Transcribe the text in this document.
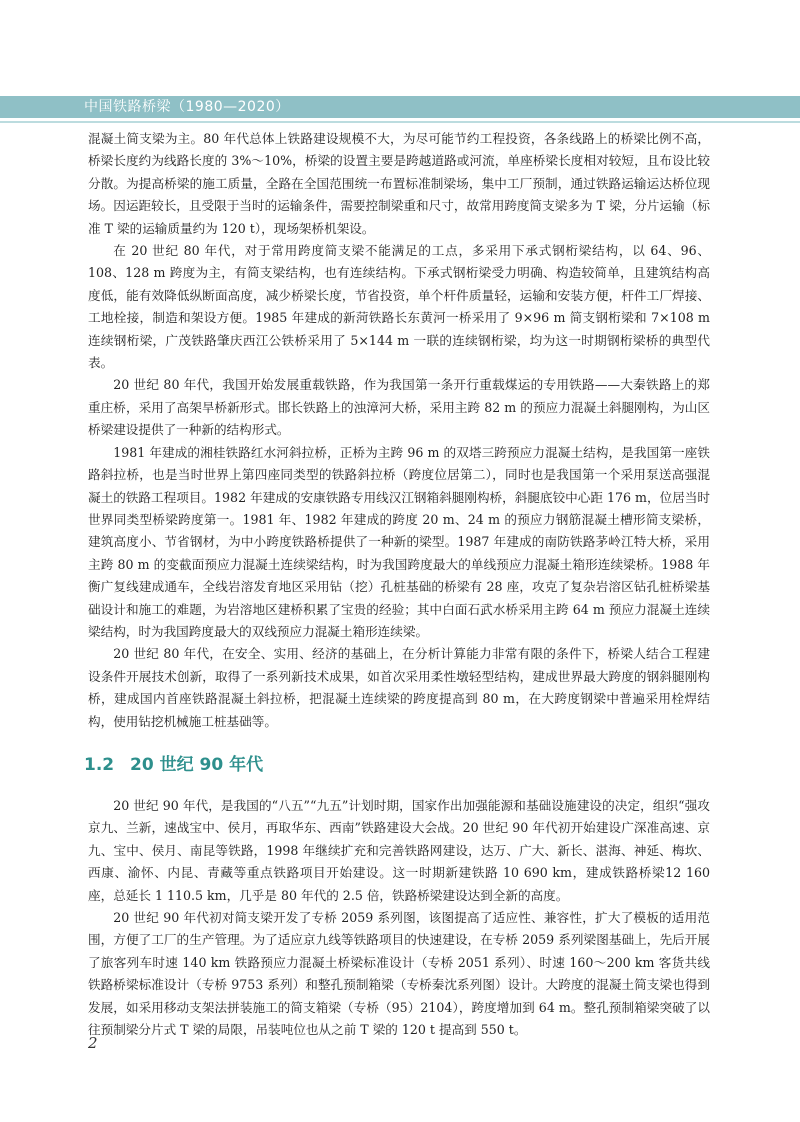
中国铁路桥梁（1980—2020）

混凝土简支梁为主。80 年代总体上铁路建设规模不大，为尽可能节约工程投资，各条线路上的桥梁比例不高，桥梁长度约为线路长度的 3%～10%，桥梁的设置主要是跨越道路或河流，单座桥梁长度相对较短，且布设比较分散。为提高桥梁的施工质量，全路在全国范围统一布置标准制梁场，集中工厂预制，通过铁路运输运达桥位现场。因运距较长，且受限于当时的运输条件，需要控制梁重和尺寸，故常用跨度简支梁多为 T 梁，分片运输（标准 T 梁的运输质量约为 120 t），现场架桥机架设。

在 20 世纪 80 年代，对于常用跨度简支梁不能满足的工点，多采用下承式钢桁梁结构，以 64、96、108、128 m 跨度为主，有简支梁结构，也有连续结构。下承式钢桁梁受力明确、构造较简单，且建筑结构高度低，能有效降低纵断面高度，减少桥梁长度，节省投资，单个杆件质量轻，运输和安装方便，杆件工厂焊接、工地栓接，制造和架设方便。1985 年建成的新菏铁路长东黄河一桥采用了 9×96 m 简支钢桁梁和 7×108 m 连续钢桁梁，广茂铁路肇庆西江公铁桥采用了 5×144 m 一联的连续钢桁梁，均为这一时期钢桁梁桥的典型代表。

20 世纪 80 年代，我国开始发展重载铁路，作为我国第一条开行重载煤运的专用铁路——大秦铁路上的郑重庄桥，采用了高架旱桥新形式。邯长铁路上的浊漳河大桥，采用主跨 82 m 的预应力混凝土斜腿刚构，为山区桥梁建设提供了一种新的结构形式。

1981 年建成的湘桂铁路红水河斜拉桥，正桥为主跨 96 m 的双塔三跨预应力混凝土结构，是我国第一座铁路斜拉桥，也是当时世界上第四座同类型的铁路斜拉桥（跨度位居第二），同时也是我国第一个采用泵送高强混凝土的铁路工程项目。1982 年建成的安康铁路专用线汉江钢箱斜腿刚构桥，斜腿底铰中心距 176 m，位居当时世界同类型桥梁跨度第一。1981 年、1982 年建成的跨度 20 m、24 m 的预应力钢筋混凝土槽形简支梁桥，建筑高度小、节省钢材，为中小跨度铁路桥提供了一种新的梁型。1987 年建成的南防铁路茅岭江特大桥，采用主跨 80 m 的变截面预应力混凝土连续梁结构，时为我国跨度最大的单线预应力混凝土箱形连续梁桥。1988 年衡广复线建成通车，全线岩溶发育地区采用钻（挖）孔桩基础的桥梁有 28 座，攻克了复杂岩溶区钻孔桩桥梁基础设计和施工的难题，为岩溶地区建桥积累了宝贵的经验；其中白面石武水桥采用主跨 64 m 预应力混凝土连续梁结构，时为我国跨度最大的双线预应力混凝土箱形连续梁。

20 世纪 80 年代，在安全、实用、经济的基础上，在分析计算能力非常有限的条件下，桥梁人结合工程建设条件开展技术创新，取得了一系列新技术成果，如首次采用柔性墩轻型结构，建成世界最大跨度的钢斜腿刚构桥，建成国内首座铁路混凝土斜拉桥，把混凝土连续梁的跨度提高到 80 m，在大跨度钢梁中普遍采用栓焊结构，使用钻挖机械施工桩基础等。

1.2 20 世纪 90 年代

20 世纪 90 年代，是我国的“八五”“九五”计划时期，国家作出加强能源和基础设施建设的决定，组织“强攻京九、兰新，速战宝中、侯月，再取华东、西南”铁路建设大会战。20 世纪 90 年代初开始建设广深准高速、京九、宝中、侯月、南昆等铁路，1998 年继续扩充和完善铁路网建设，达万、广大、新长、湛海、神延、梅坎、西康、渝怀、内昆、青藏等重点铁路项目开始建设。这一时期新建铁路 10 690 km，建成铁路桥梁12 160 座，总延长 1 110.5 km，几乎是 80 年代的 2.5 倍，铁路桥梁建设达到全新的高度。

20 世纪 90 年代初对简支梁开发了专桥 2059 系列图，该图提高了适应性、兼容性，扩大了模板的适用范围，方便了工厂的生产管理。为了适应京九线等铁路项目的快速建设，在专桥 2059 系列梁图基础上，先后开展了旅客列车时速 140 km 铁路预应力混凝土桥梁标准设计（专桥 2051 系列）、时速 160～200 km 客货共线铁路桥梁标准设计（专桥 9753 系列）和整孔预制箱梁（专桥秦沈系列图）设计。大跨度的混凝土简支梁也得到发展，如采用移动支架法拼装施工的简支箱梁（专桥（95）2104），跨度增加到 64 m。整孔预制箱梁突破了以往预制梁分片式 T 梁的局限，吊装吨位也从之前 T 梁的 120 t 提高到 550 t。

2
